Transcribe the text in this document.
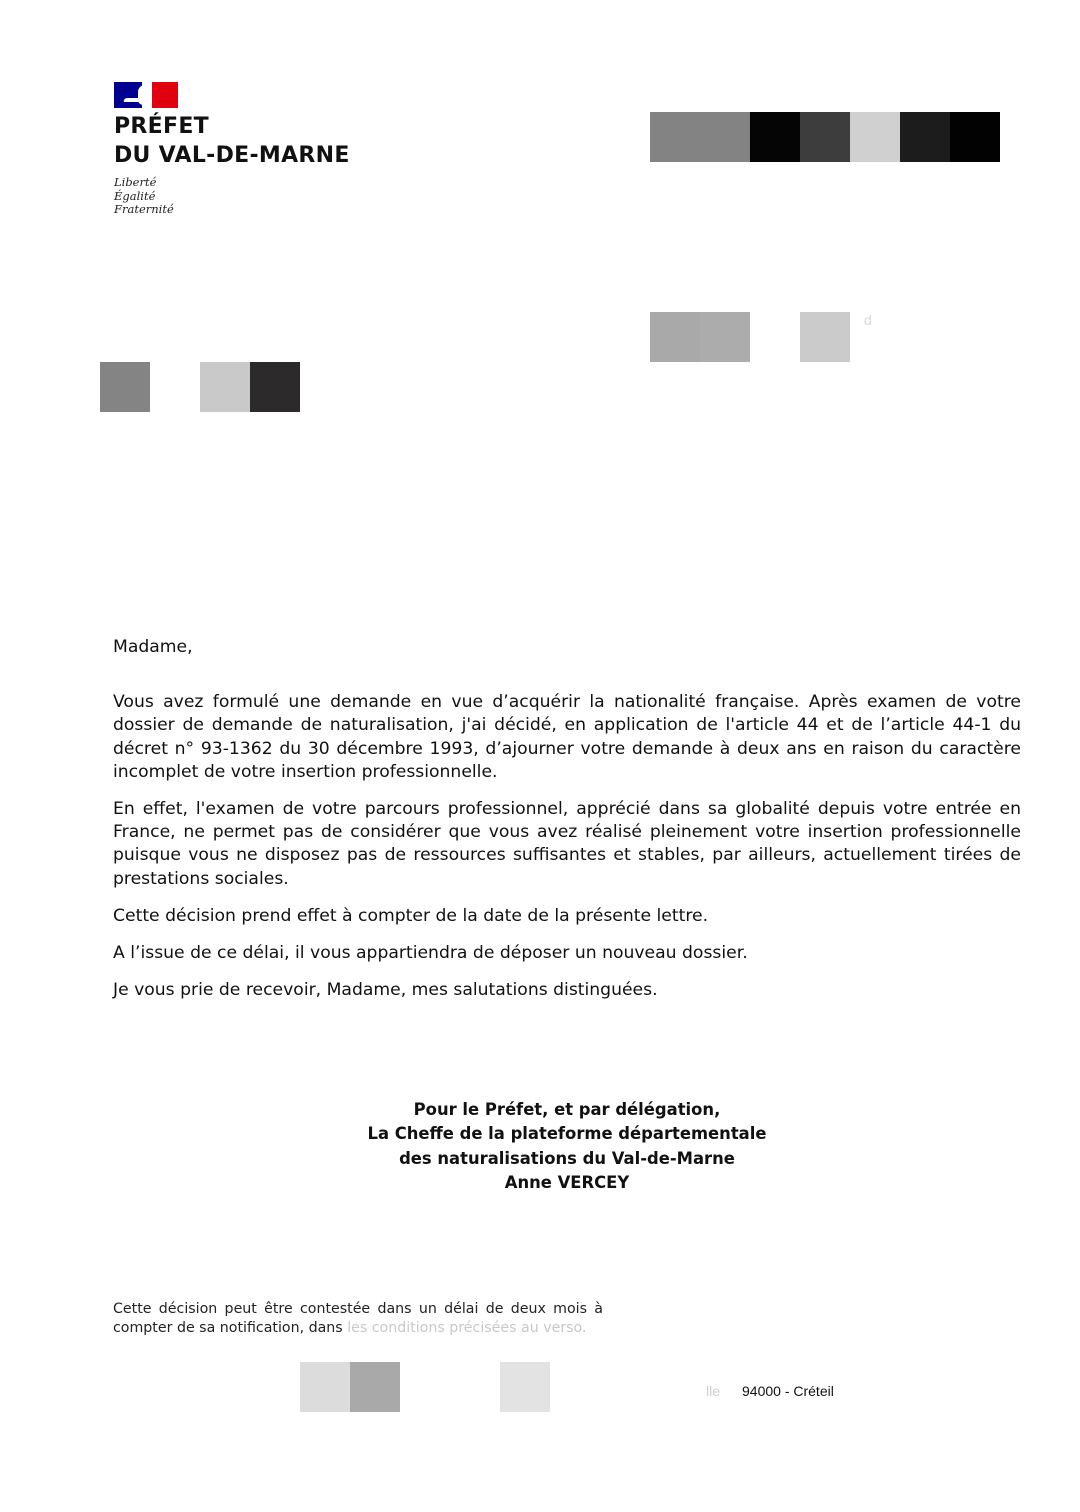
PRÉFET
DU VAL-DE-MARNE
Liberté
Égalité
Fraternité
d

Madame,

Vous avez formulé une demande en vue d’acquérir la nationalité française. Après examen de votre dossier de demande de naturalisation, j'ai décidé, en application de l'article 44 et de l’article 44-1 du décret n° 93-1362 du 30 décembre 1993, d’ajourner votre demande à deux ans en raison du caractère incomplet de votre insertion professionnelle.

En effet, l'examen de votre parcours professionnel, apprécié dans sa globalité depuis votre entrée en France, ne permet pas de considérer que vous avez réalisé pleinement votre insertion professionnelle puisque vous ne disposez pas de ressources suffisantes et stables, par ailleurs, actuellement tirées de prestations sociales.

Cette décision prend effet à compter de la date de la présente lettre.

A l’issue de ce délai, il vous appartiendra de déposer un nouveau dossier.

Je vous prie de recevoir, Madame, mes salutations distinguées.

Pour le Préfet, et par délégation,
La Cheffe de la plateforme départementale
des naturalisations du Val-de-Marne
Anne VERCEY
Cette décision peut être contestée dans un délai de deux mois à compter de sa notification, dans les conditions précisées au verso.
lle 94000 - Créteil
